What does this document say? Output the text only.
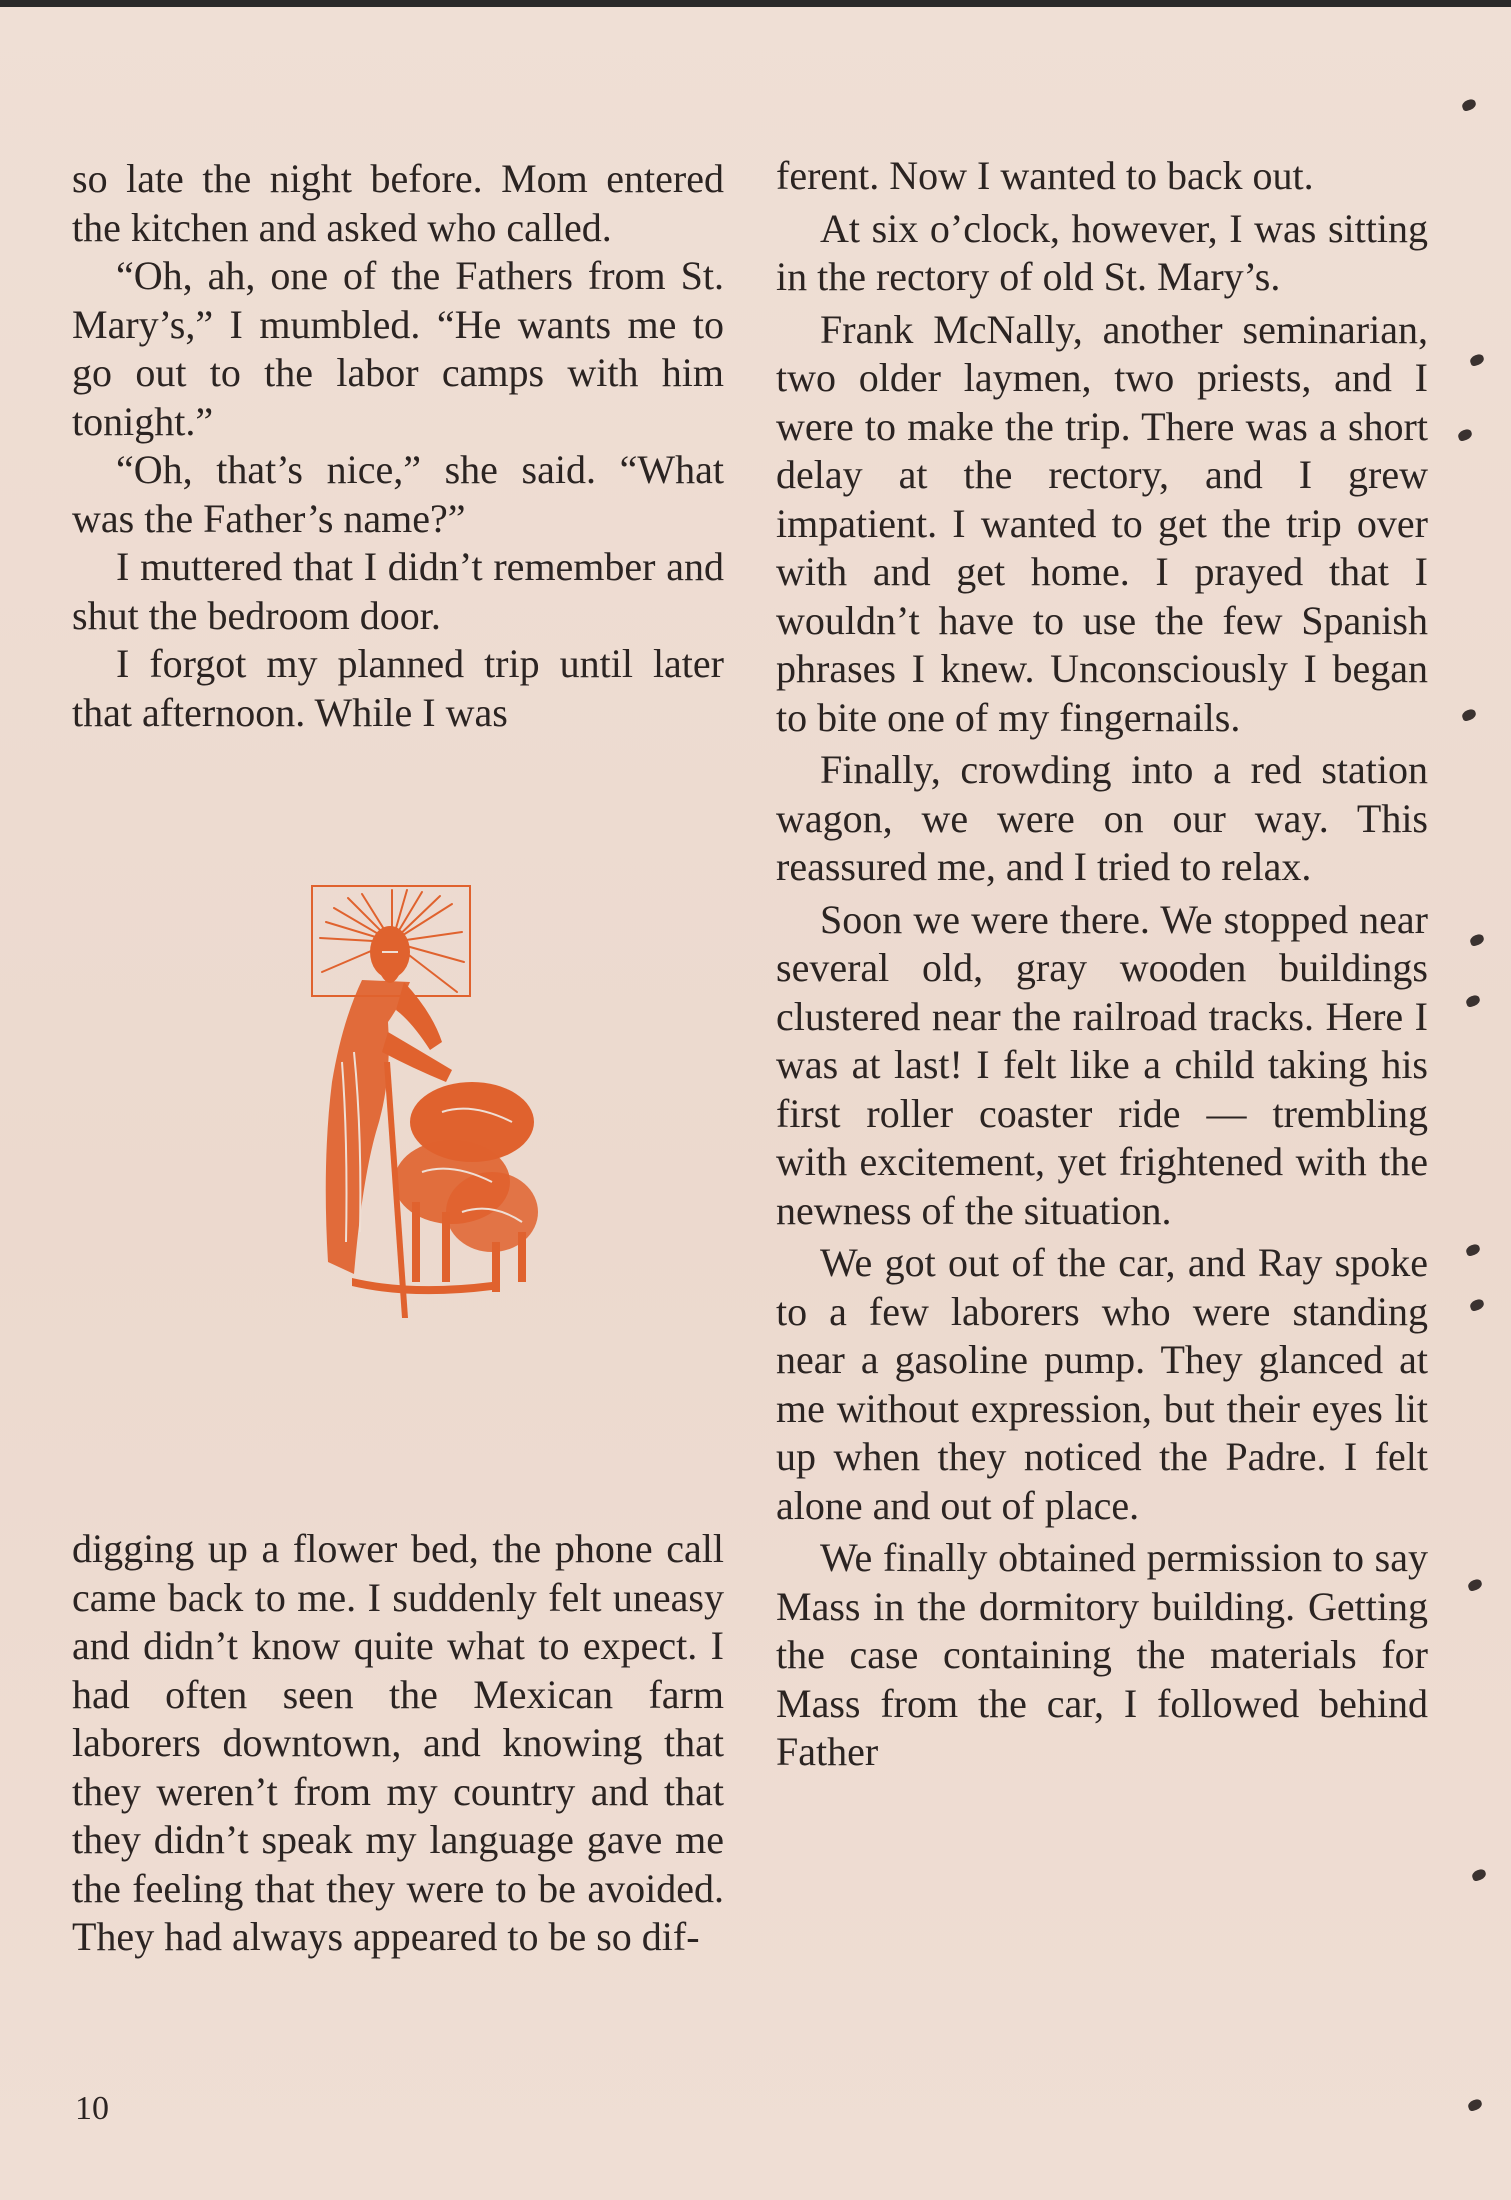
so late the night before. Mom entered the kitchen and asked who called.

“Oh, ah, one of the Fathers from St. Mary’s,” I mumbled. “He wants me to go out to the labor camps with him tonight.”

“Oh, that’s nice,” she said. “What was the Father’s name?”

I muttered that I didn’t remember and shut the bedroom door.

I forgot my planned trip until later that afternoon. While I was

digging up a flower bed, the phone call came back to me. I suddenly felt uneasy and didn’t know quite what to expect. I had often seen the Mexican farm laborers downtown, and knowing that they weren’t from my country and that they didn’t speak my language gave me the feeling that they were to be avoided. They had always appeared to be so dif-

ferent. Now I wanted to back out.

At six o’clock, however, I was sitting in the rectory of old St. Mary’s.

Frank McNally, another seminarian, two older laymen, two priests, and I were to make the trip. There was a short delay at the rectory, and I grew impatient. I wanted to get the trip over with and get home. I prayed that I wouldn’t have to use the few Spanish phrases I knew. Unconsciously I began to bite one of my fingernails.

Finally, crowding into a red station wagon, we were on our way. This reassured me, and I tried to relax.

Soon we were there. We stopped near several old, gray wooden buildings clustered near the railroad tracks. Here I was at last! I felt like a child taking his first roller coaster ride — trembling with excitement, yet frightened with the newness of the situation.

We got out of the car, and Ray spoke to a few laborers who were standing near a gasoline pump. They glanced at me without expression, but their eyes lit up when they noticed the Padre. I felt alone and out of place.

We finally obtained permission to say Mass in the dormitory building. Getting the case containing the materials for Mass from the car, I followed behind Father

10
